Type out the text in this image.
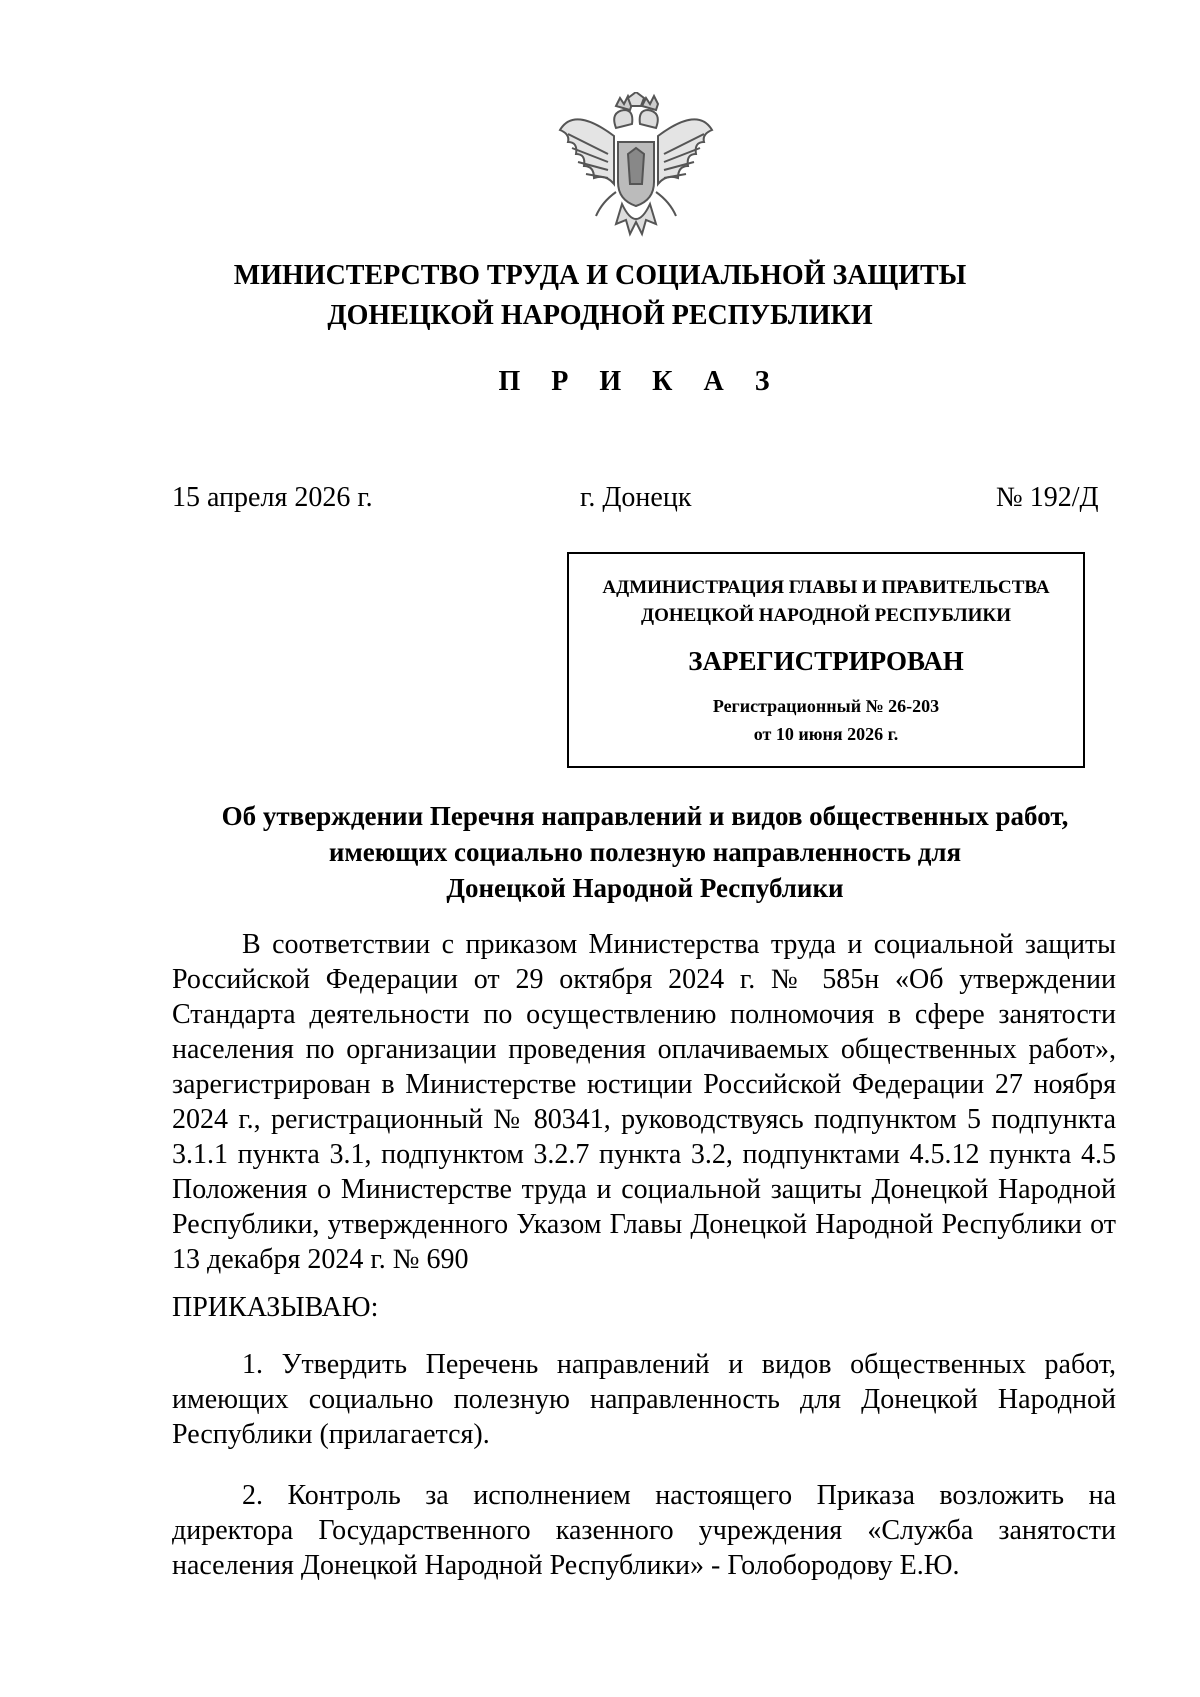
МИНИСТЕРСТВО ТРУДА И СОЦИАЛЬНОЙ ЗАЩИТЫ
ДОНЕЦКОЙ НАРОДНОЙ РЕСПУБЛИКИ
П Р И К А З
15 апреля 2026 г.	г. Донецк	№ 192/Д
АДМИНИСТРАЦИЯ ГЛАВЫ И ПРАВИТЕЛЬСТВА
ДОНЕЦКОЙ НАРОДНОЙ РЕСПУБЛИКИ
ЗАРЕГИСТРИРОВАН
Регистрационный № 26-203
от 10 июня 2026 г.
Об утверждении Перечня направлений и видов общественных работ,
имеющих социально полезную направленность для
Донецкой Народной Республики
В соответствии с приказом Министерства труда и социальной защиты Российской Федерации от 29 октября 2024 г. № 585н «Об утверждении Стандарта деятельности по осуществлению полномочия в сфере занятости населения по организации проведения оплачиваемых общественных работ», зарегистрирован в Министерстве юстиции Российской Федерации 27 ноября 2024 г., регистрационный № 80341, руководствуясь подпунктом 5 подпункта 3.1.1 пункта 3.1, подпунктом 3.2.7 пункта 3.2, подпунктами 4.5.12 пункта 4.5 Положения о Министерстве труда и социальной защиты Донецкой Народной Республики, утвержденного Указом Главы Донецкой Народной Республики от 13 декабря 2024 г. № 690
ПРИКАЗЫВАЮ:
1. Утвердить Перечень направлений и видов общественных работ, имеющих социально полезную направленность для Донецкой Народной Республики (прилагается).
2. Контроль за исполнением настоящего Приказа возложить на директора Государственного казенного учреждения «Служба занятости населения Донецкой Народной Республики» - Голобородову Е.Ю.
